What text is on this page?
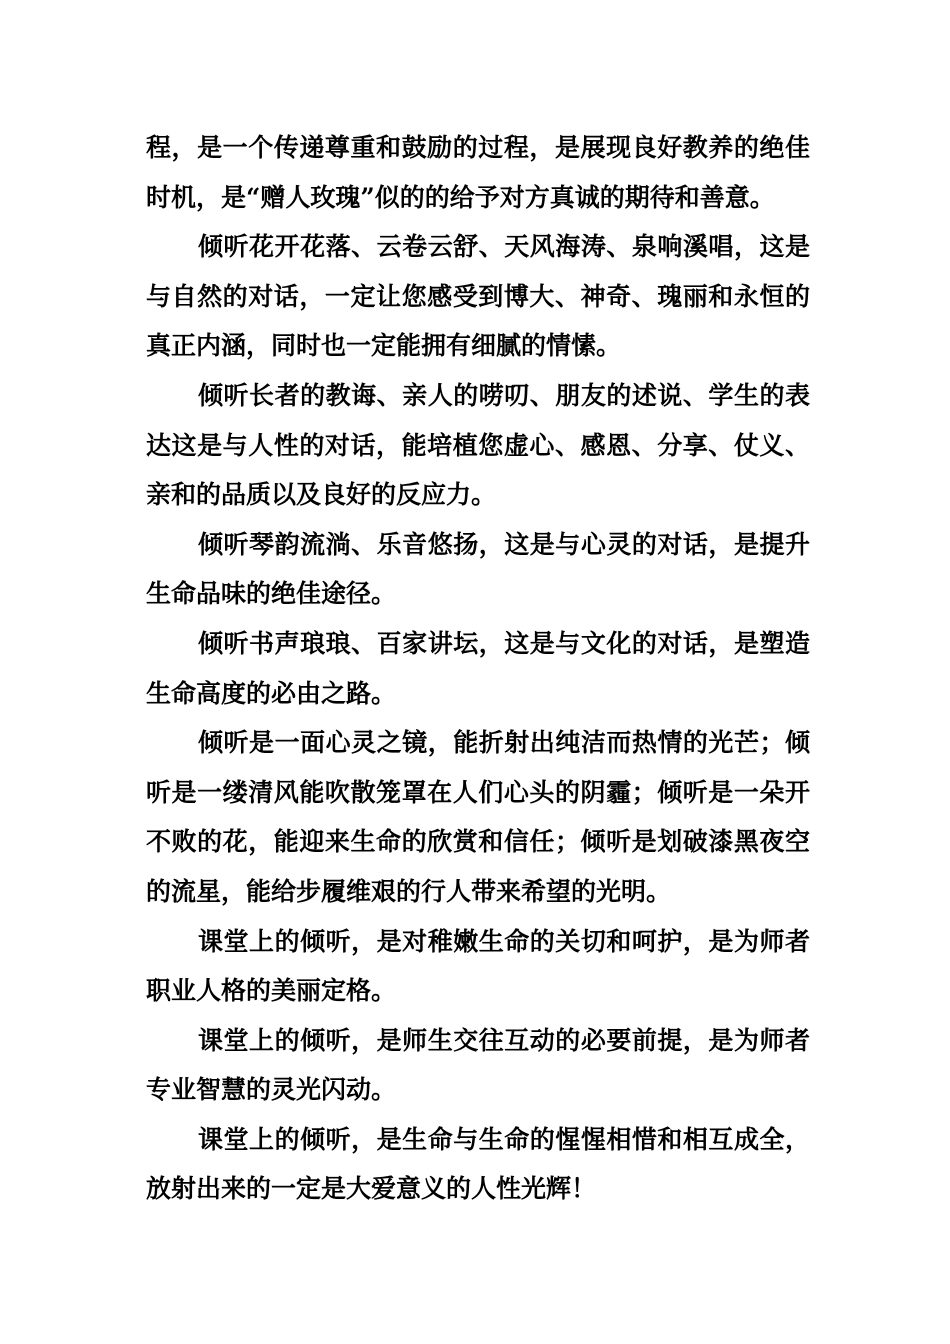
程，是一个传递尊重和鼓励的过程，是展现良好教养的绝佳时机，是“赠人玫瑰”似的的给予对方真诚的期待和善意。

倾听花开花落、云卷云舒、天风海涛、泉响溪唱，这是与自然的对话，一定让您感受到博大、神奇、瑰丽和永恒的真正内涵，同时也一定能拥有细腻的情愫。

倾听长者的教诲、亲人的唠叨、朋友的述说、学生的表达这是与人性的对话，能培植您虚心、感恩、分享、仗义、亲和的品质以及良好的反应力。

倾听琴韵流淌、乐音悠扬，这是与心灵的对话，是提升生命品味的绝佳途径。

倾听书声琅琅、百家讲坛，这是与文化的对话，是塑造生命高度的必由之路。

倾听是一面心灵之镜，能折射出纯洁而热情的光芒；倾听是一缕清风能吹散笼罩在人们心头的阴霾；倾听是一朵开不败的花，能迎来生命的欣赏和信任；倾听是划破漆黑夜空的流星，能给步履维艰的行人带来希望的光明。

课堂上的倾听，是对稚嫩生命的关切和呵护，是为师者职业人格的美丽定格。

课堂上的倾听，是师生交往互动的必要前提，是为师者专业智慧的灵光闪动。

课堂上的倾听，是生命与生命的惺惺相惜和相互成全，放射出来的一定是大爱意义的人性光辉！
